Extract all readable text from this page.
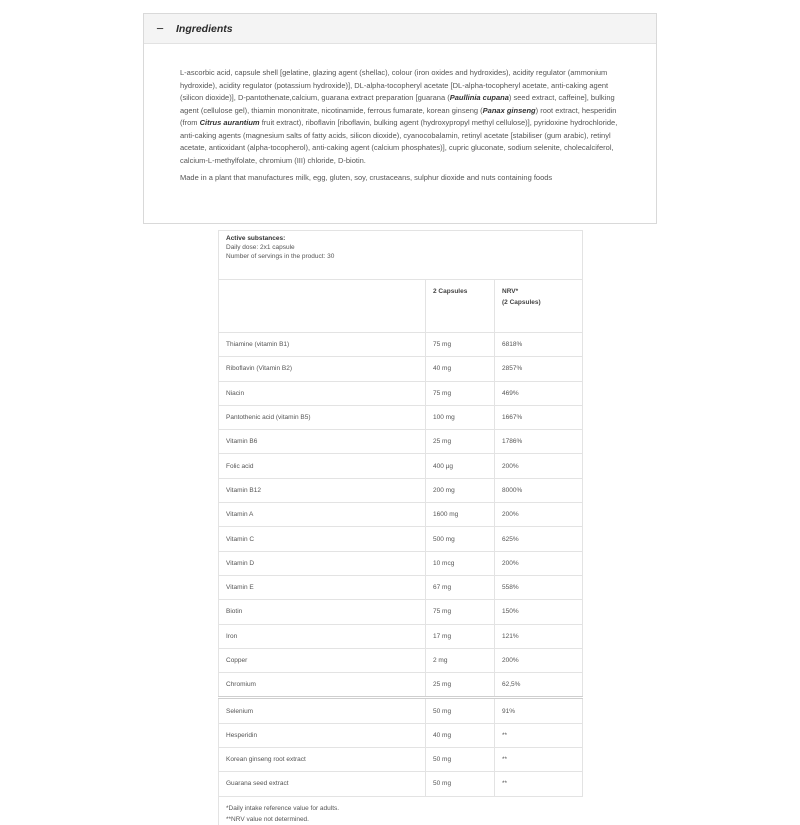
−	Ingredients

L-ascorbic acid, capsule shell [gelatine, glazing agent (shellac), colour (iron oxides and hydroxides), acidity regulator (ammonium hydroxide), acidity regulator (potassium hydroxide)], DL-alpha-tocopheryl acetate [DL-alpha-tocopheryl acetate, anti-caking agent (silicon dioxide)], D-pantothenate,calcium, guarana extract preparation [guarana (Paullinia cupana) seed extract, caffeine], bulking agent (cellulose gel), thiamin mononitrate, nicotinamide, ferrous fumarate, korean ginseng (Panax ginseng) root extract, hesperidin (from Citrus aurantium fruit extract), riboflavin [riboflavin, bulking agent (hydroxypropyl methyl cellulose)], pyridoxine hydrochloride, anti-caking agents (magnesium salts of fatty acids, silicon dioxide), cyanocobalamin, retinyl acetate [stabiliser (gum arabic), retinyl acetate, antioxidant (alpha-tocopherol), anti-caking agent (calcium phosphates)], cupric gluconate, sodium selenite, cholecalciferol, calcium-L-methylfolate, chromium (III) chloride, D-biotin.

Made in a plant that manufactures milk, egg, gluten, soy, crustaceans, sulphur dioxide and nuts containing foods

Active substances:
Daily dose: 2x1 capsule
Number of servings in the product: 30		

	2 Capsules	NRV*
(2 Capsules)

Thiamine (vitamin B1)	75 mg	6818%
Riboflavin (Vitamin B2)	40 mg	2857%
Niacin	75 mg	469%
Pantothenic acid (vitamin B5)	100 mg	1667%
Vitamin B6	25 mg	1786%
Folic acid	400 µg	200%
Vitamin B12	200 mg	8000%
Vitamin A	1600 mg	200%
Vitamin C	500 mg	625%
Vitamin D	10 mcg	200%
Vitamin E	67 mg	558%
Biotin	75 mg	150%
Iron	17 mg	121%
Copper	2 mg	200%
Chromium	25 mg	62,5%
Selenium	50 mg	91%
Hesperidin	40 mg	**
Korean ginseng root extract	50 mg	**
Guarana seed extract	50 mg	**

*Daily intake reference value for adults.
**NRV value not determined.		
